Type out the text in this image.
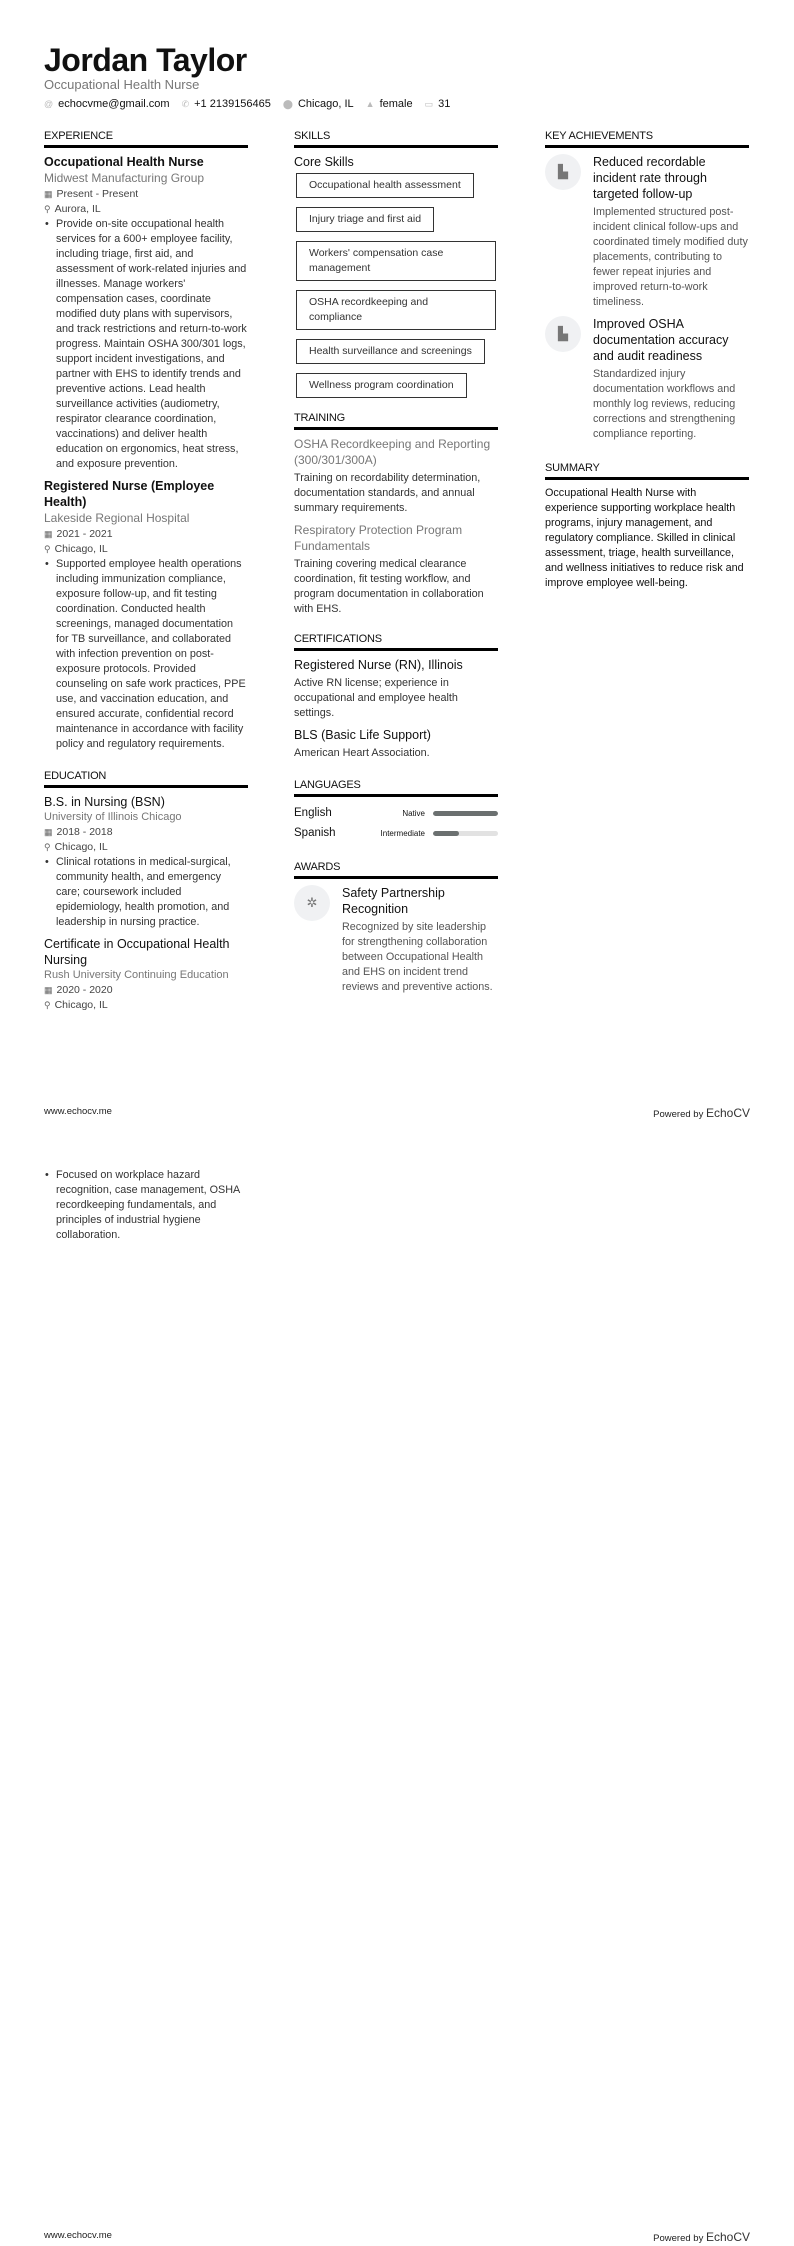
Jordan Taylor
Occupational Health Nurse
@ echocvme@gmail.com ✆ +1 2139156465 ⬤ Chicago, IL ▲ female ▭ 31
EXPERIENCE
Occupational Health Nurse
Midwest Manufacturing Group
▦ Present - Present
⚲ Aurora, IL
• Provide on-site occupational health services for a 600+ employee facility, including triage, first aid, and assessment of work-related injuries and illnesses. Manage workers' compensation cases, coordinate modified duty plans with supervisors, and track restrictions and return-to-work progress. Maintain OSHA 300/301 logs, support incident investigations, and partner with EHS to identify trends and preventive actions. Lead health surveillance activities (audiometry, respirator clearance coordination, vaccinations) and deliver health education on ergonomics, heat stress, and exposure prevention.
Registered Nurse (Employee Health)
Lakeside Regional Hospital
▦ 2021 - 2021
⚲ Chicago, IL
• Supported employee health operations including immunization compliance, exposure follow-up, and fit testing coordination. Conducted health screenings, managed documentation for TB surveillance, and collaborated with infection prevention on post-exposure protocols. Provided counseling on safe work practices, PPE use, and vaccination education, and ensured accurate, confidential record maintenance in accordance with facility policy and regulatory requirements.
EDUCATION
B.S. in Nursing (BSN)
University of Illinois Chicago
▦ 2018 - 2018
⚲ Chicago, IL
• Clinical rotations in medical-surgical, community health, and emergency care; coursework included epidemiology, health promotion, and leadership in nursing practice.
Certificate in Occupational Health Nursing
Rush University Continuing Education
▦ 2020 - 2020
⚲ Chicago, IL
SKILLS
Core Skills
Occupational health assessment Injury triage and first aid Workers' compensation case management OSHA recordkeeping and compliance Health surveillance and screenings Wellness program coordination
TRAINING
OSHA Recordkeeping and Reporting (300/301/300A)
Training on recordability determination, documentation standards, and annual summary requirements.
Respiratory Protection Program Fundamentals
Training covering medical clearance coordination, fit testing workflow, and program documentation in collaboration with EHS.
CERTIFICATIONS
Registered Nurse (RN), Illinois
Active RN license; experience in occupational and employee health settings.
BLS (Basic Life Support)
American Heart Association.
LANGUAGES
English	Native
Spanish	Intermediate
AWARDS
✲
Safety Partnership Recognition
Recognized by site leadership for strengthening collaboration between Occupational Health and EHS on incident trend reviews and preventive actions.
KEY ACHIEVEMENTS
▙
Reduced recordable incident rate through targeted follow-up
Implemented structured post-incident clinical follow-ups and coordinated timely modified duty placements, contributing to fewer repeat injuries and improved return-to-work timeliness.
▙
Improved OSHA documentation accuracy and audit readiness
Standardized injury documentation workflows and monthly log reviews, reducing corrections and strengthening compliance reporting.
SUMMARY
Occupational Health Nurse with experience supporting workplace health programs, injury management, and regulatory compliance. Skilled in clinical assessment, triage, health surveillance, and wellness initiatives to reduce risk and improve employee well-being.
www.echocv.me	Powered by EchoCV
• Focused on workplace hazard recognition, case management, OSHA recordkeeping fundamentals, and principles of industrial hygiene collaboration.
www.echocv.me	Powered by EchoCV
